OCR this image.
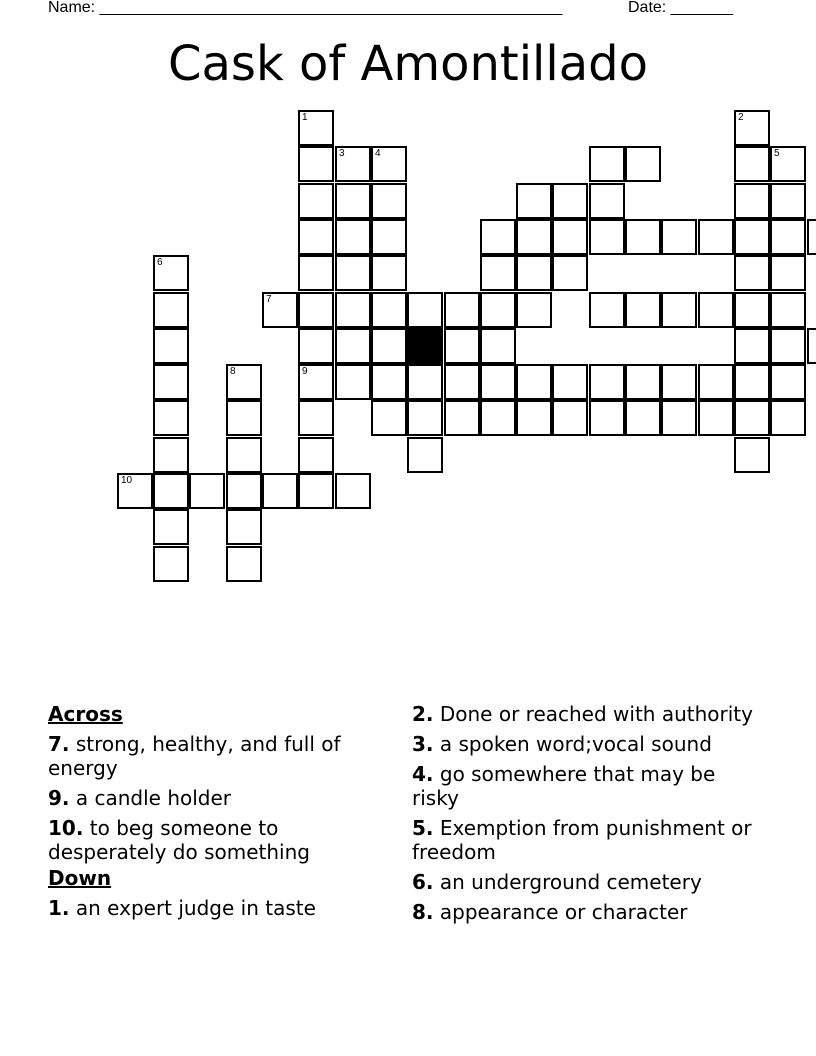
Name: ____________________________________________________	Date: _______
Cask of Amontillado
1	2
3	4	5
6
7
8	9
10
Across
7. strong, healthy, and full of energy
9. a candle holder
10. to beg someone to desperately do something
Down
1. an expert judge in taste
2. Done or reached with authority
3. a spoken word;vocal sound
4. go somewhere that may be risky
5. Exemption from punishment or freedom
6. an underground cemetery
8. appearance or character
